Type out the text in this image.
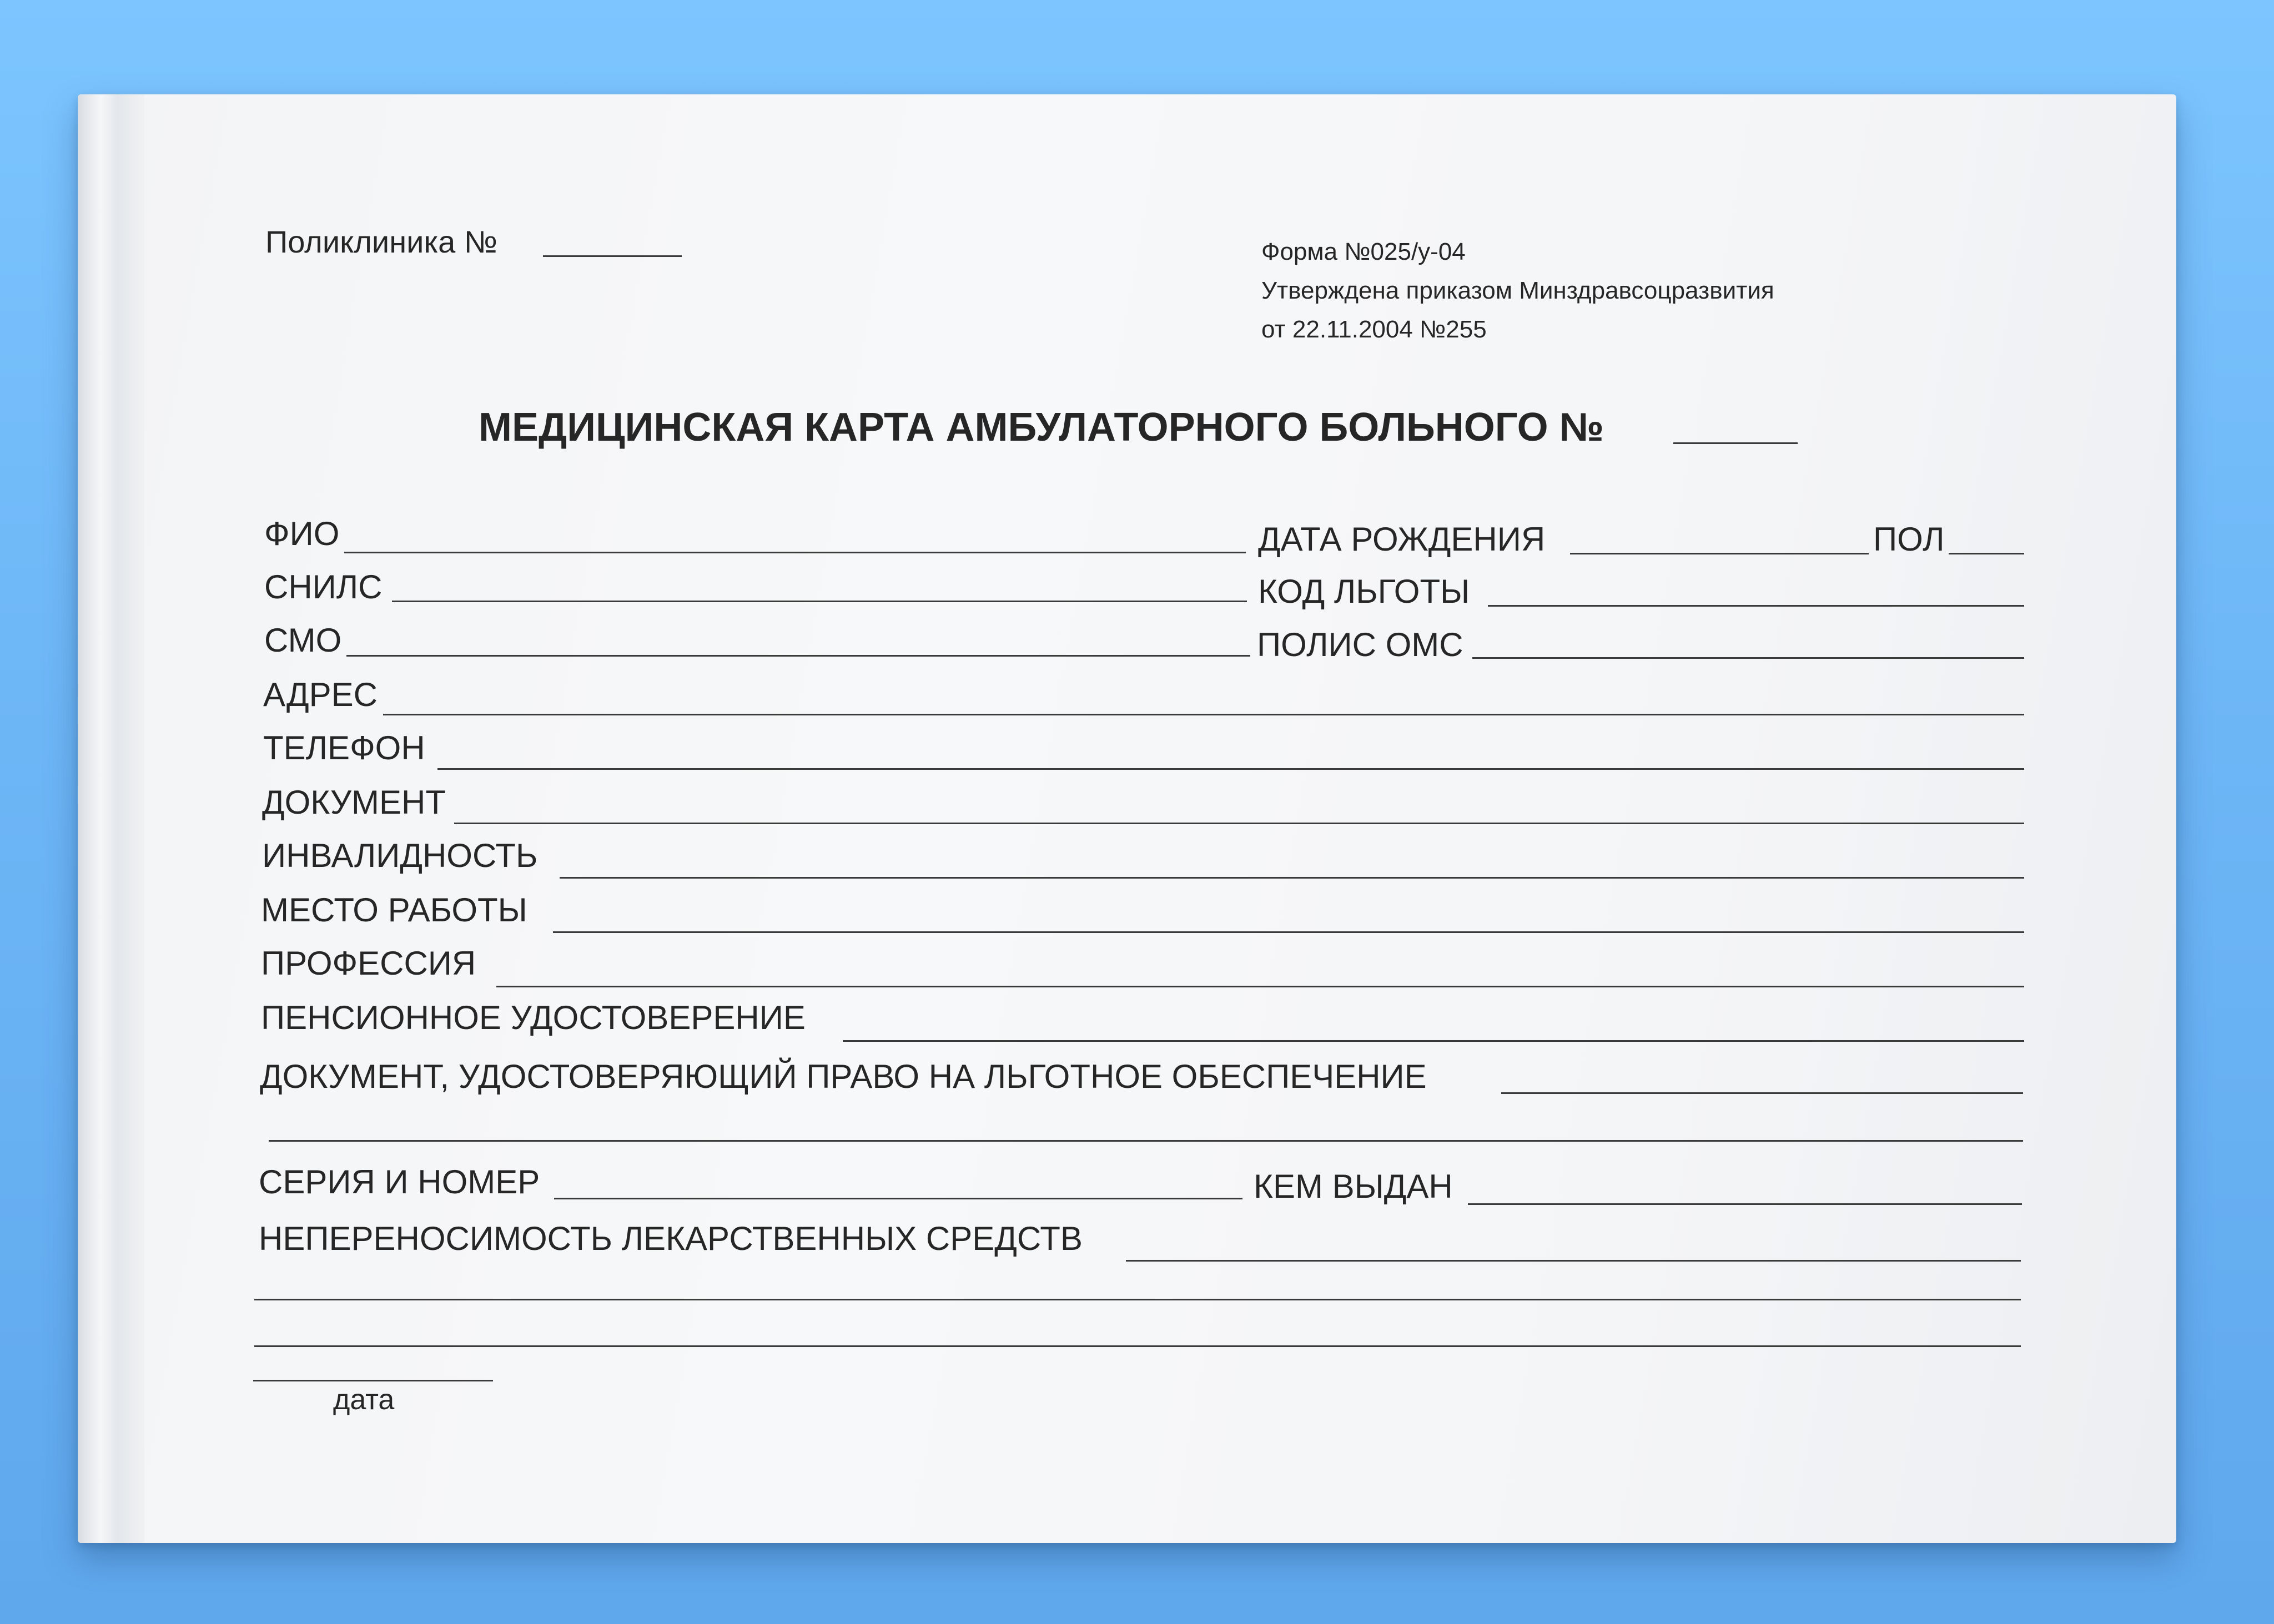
Поликлиника №	Форма №025/у-04
Утверждена приказом Минздравсоцразвития
от 22.11.2004 №255
МЕДИЦИНСКАЯ КАРТА АМБУЛАТОРНОГО БОЛЬНОГО №
ФИО	ДАТА РОЖДЕНИЯ	ПОЛ
СНИЛС	КОД ЛЬГОТЫ
СМО	ПОЛИС ОМС
АДРЕС
ТЕЛЕФОН
ДОКУМЕНТ
ИНВАЛИДНОСТЬ
МЕСТО РАБОТЫ
ПРОФЕССИЯ
ПЕНСИОННОЕ УДОСТОВЕРЕНИЕ
ДОКУМЕНТ, УДОСТОВЕРЯЮЩИЙ ПРАВО НА ЛЬГОТНОЕ ОБЕСПЕЧЕНИЕ
СЕРИЯ И НОМЕР	КЕМ ВЫДАН
НЕПЕРЕНОСИМОСТЬ ЛЕКАРСТВЕННЫХ СРЕДСТВ
дата
